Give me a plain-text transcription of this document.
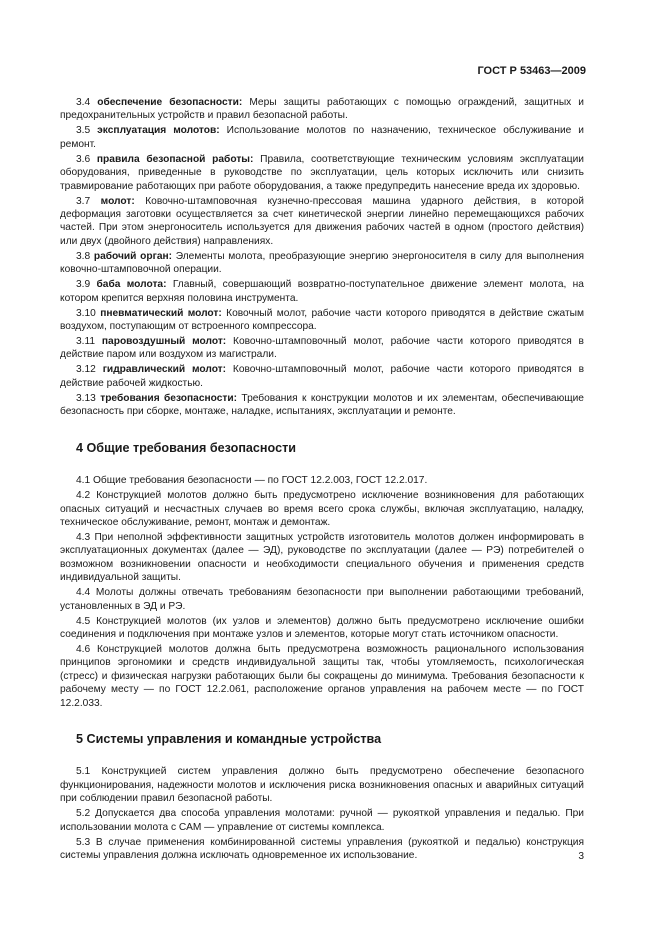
ГОСТ Р 53463—2009

3.4 обеспечение безопасности: Меры защиты работающих с помощью ограждений, защитных и предохранительных устройств и правил безопасной работы.

3.5 эксплуатация молотов: Использование молотов по назначению, техническое обслуживание и ремонт.

3.6 правила безопасной работы: Правила, соответствующие техническим условиям эксплуатации оборудования, приведенные в руководстве по эксплуатации, цель которых исключить или снизить травмирование работающих при работе оборудования, а также предупредить нанесение вреда их здоровью.

3.7 молот: Ковочно-штамповочная кузнечно-прессовая машина ударного действия, в которой деформация заготовки осуществляется за счет кинетической энергии линейно перемещающихся рабочих частей. При этом энергоноситель используется для движения рабочих частей в одном (простого действия) или двух (двойного действия) направлениях.

3.8 рабочий орган: Элементы молота, преобразующие энергию энергоносителя в силу для выполнения ковочно-штамповочной операции.

3.9 баба молота: Главный, совершающий возвратно-поступательное движение элемент молота, на котором крепится верхняя половина инструмента.

3.10 пневматический молот: Ковочный молот, рабочие части которого приводятся в действие сжатым воздухом, поступающим от встроенного компрессора.

3.11 паровоздушный молот: Ковочно-штамповочный молот, рабочие части которого приводятся в действие паром или воздухом из магистрали.

3.12 гидравлический молот: Ковочно-штамповочный молот, рабочие части которого приводятся в действие рабочей жидкостью.

3.13 требования безопасности: Требования к конструкции молотов и их элементам, обеспечивающие безопасность при сборке, монтаже, наладке, испытаниях, эксплуатации и ремонте.

4 Общие требования безопасности

4.1 Общие требования безопасности — по ГОСТ 12.2.003, ГОСТ 12.2.017.

4.2 Конструкцией молотов должно быть предусмотрено исключение возникновения для работающих опасных ситуаций и несчастных случаев во время всего срока службы, включая эксплуатацию, наладку, техническое обслуживание, ремонт, монтаж и демонтаж.

4.3 При неполной эффективности защитных устройств изготовитель молотов должен информировать в эксплуатационных документах (далее — ЭД), руководстве по эксплуатации (далее — РЭ) потребителей о возможном возникновении опасности и необходимости специального обучения и применения средств индивидуальной защиты.

4.4 Молоты должны отвечать требованиям безопасности при выполнении работающими требований, установленных в ЭД и РЭ.

4.5 Конструкцией молотов (их узлов и элементов) должно быть предусмотрено исключение ошибки соединения и подключения при монтаже узлов и элементов, которые могут стать источником опасности.

4.6 Конструкцией молотов должна быть предусмотрена возможность рационального использования принципов эргономики и средств индивидуальной защиты так, чтобы утомляемость, психологическая (стресс) и физическая нагрузки работающих были бы сокращены до минимума. Требования безопасности к рабочему месту — по ГОСТ 12.2.061, расположение органов управления на рабочем месте — по ГОСТ 12.2.033.

5 Системы управления и командные устройства

5.1 Конструкцией систем управления должно быть предусмотрено обеспечение безопасного функционирования, надежности молотов и исключения риска возникновения опасных и аварийных ситуаций при соблюдении правил безопасной работы.

5.2 Допускается два способа управления молотами: ручной — рукояткой управления и педалью. При использовании молота с САМ — управление от системы комплекса.

5.3 В случае применения комбинированной системы управления (рукояткой и педалью) конструкция системы управления должна исключать одновременное их использование.	3
